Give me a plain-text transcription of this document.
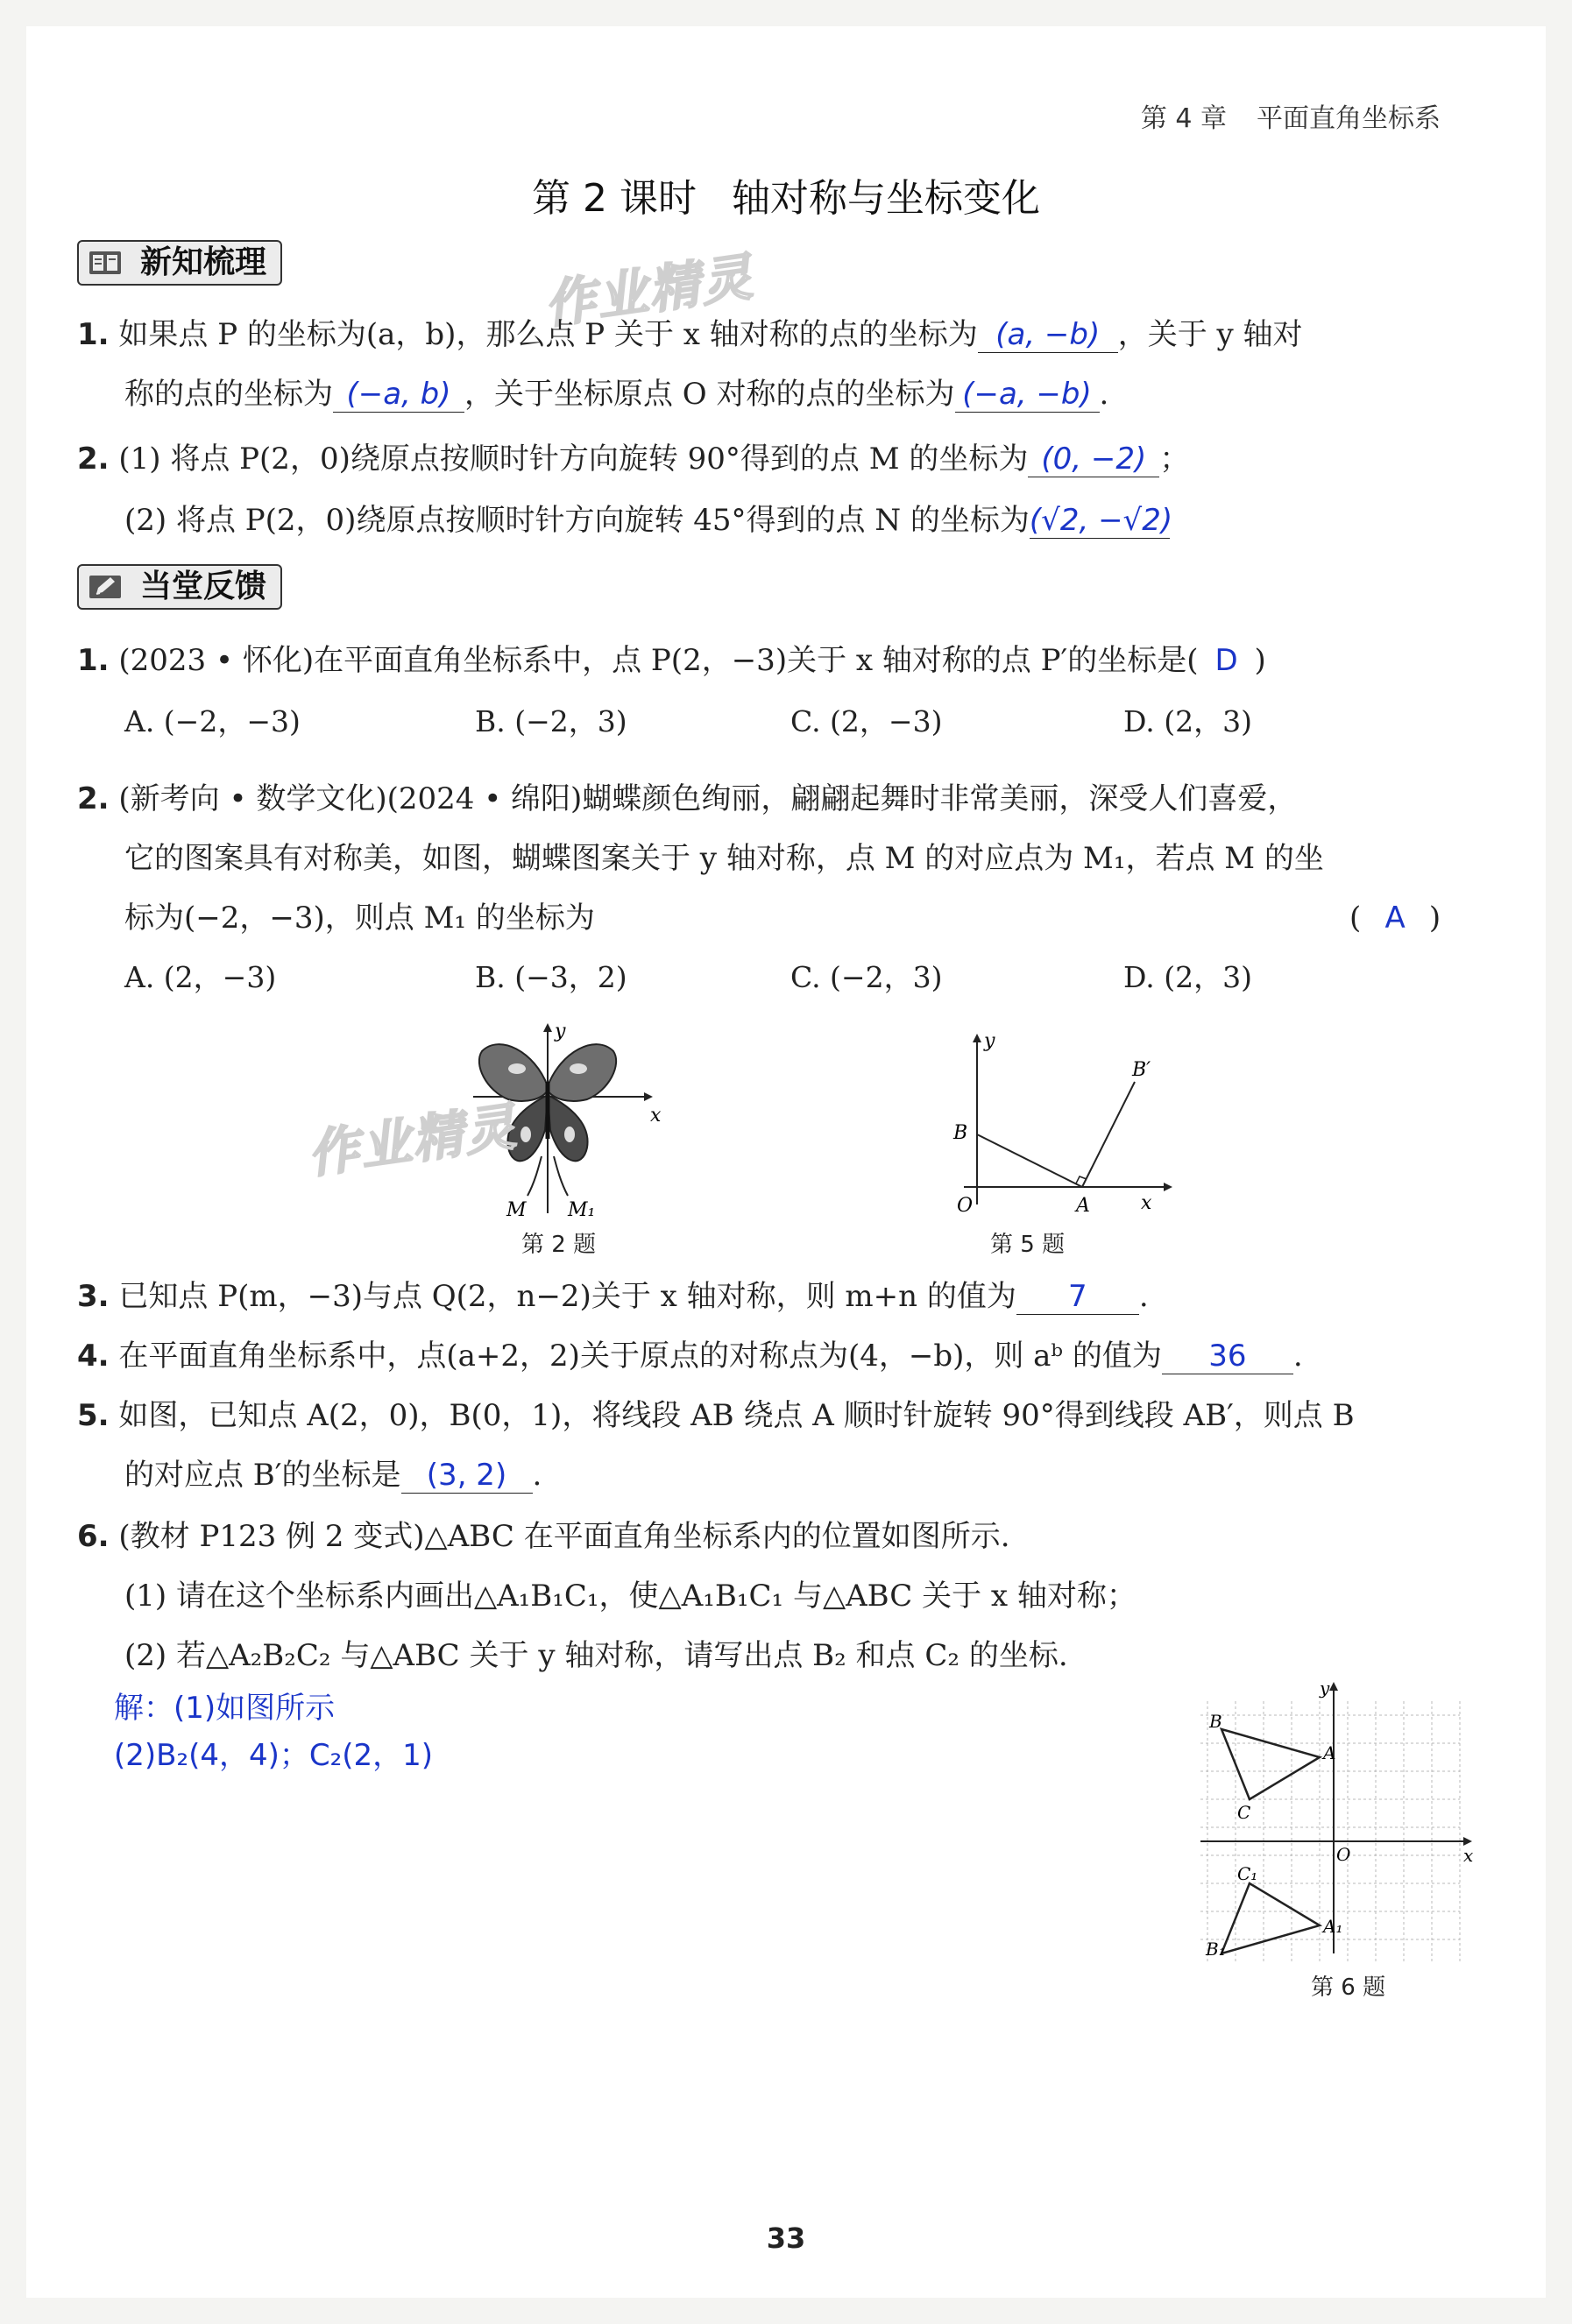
第 4 章 平面直角坐标系
第 2 课时 轴对称与坐标变化
新知梳理	作业精灵
1. 如果点 P 的坐标为(a，b)，那么点 P 关于 x 轴对称的点的坐标为 (a, −b) ，关于 y 轴对
称的点的坐标为 (−a, b) ，关于坐标原点 O 对称的点的坐标为 (−a, −b) .
2. (1) 将点 P(2，0)绕原点按顺时针方向旋转 90°得到的点 M 的坐标为 (0, −2) ；
(2) 将点 P(2，0)绕原点按顺时针方向旋转 45°得到的点 N 的坐标为(√2, −√2)
当堂反馈
1. (2023 • 怀化)在平面直角坐标系中，点 P(2，−3)关于 x 轴对称的点 P′的坐标是( D )
A. (−2，−3)	B. (−2，3)	C. (2，−3)	D. (2，3)
2. (新考向 • 数学文化)(2024 • 绵阳)蝴蝶颜色绚丽，翩翩起舞时非常美丽，深受人们喜爱，
它的图案具有对称美，如图，蝴蝶图案关于 y 轴对称，点 M 的对应点为 M₁，若点 M 的坐
标为(−2，−3)，则点 M₁ 的坐标为	( A )
A. (2，−3)	B. (−3，2)	C. (−2，3)	D. (2，3)
y
x
M M₁
作业精灵
第 2 题
y
x
B
O	A
B′
第 5 题
3. 已知点 P(m，−3)与点 Q(2，n−2)关于 x 轴对称，则 m+n 的值为 7 .
4. 在平面直角坐标系中，点(a+2，2)关于原点的对称点为(4，−b)，则 aᵇ 的值为 36 .
5. 如图，已知点 A(2，0)，B(0，1)，将线段 AB 绕点 A 顺时针旋转 90°得到线段 AB′，则点 B
的对应点 B′的坐标是 (3, 2) .
6. (教材 P123 例 2 变式)△ABC 在平面直角坐标系内的位置如图所示.
(1) 请在这个坐标系内画出△A₁B₁C₁，使△A₁B₁C₁ 与△ABC 关于 x 轴对称；
(2) 若△A₂B₂C₂ 与△ABC 关于 y 轴对称，请写出点 B₂ 和点 C₂ 的坐标.
解：(1)如图所示
(2)B₂(4，4)；C₂(2，1)
y
x
O
B
A
C
C₁
A₁
B₁
第 6 题
33
